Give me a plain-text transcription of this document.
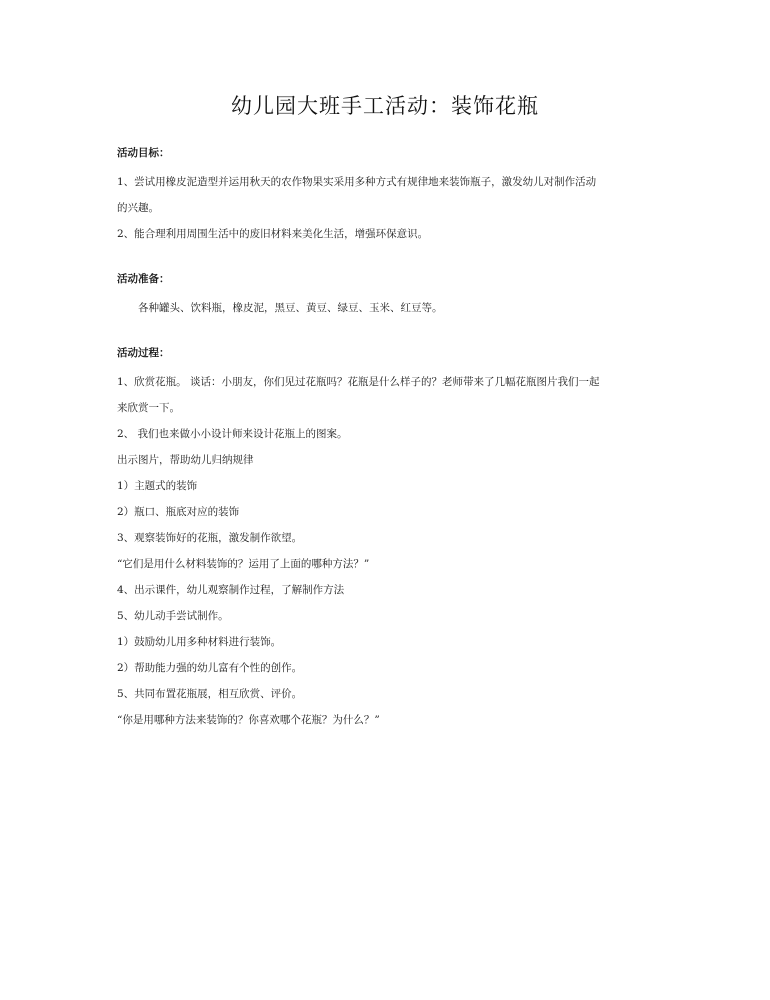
幼儿园大班手工活动：装饰花瓶
活动目标：

1、尝试用橡皮泥造型并运用秋天的农作物果实采用多种方式有规律地来装饰瓶子，激发幼儿对制作活动

的兴趣。

2、能合理利用周围生活中的废旧材料来美化生活，增强环保意识。

活动准备：

各种罐头、饮料瓶，橡皮泥，黑豆、黄豆、绿豆、玉米、红豆等。

活动过程：

1、欣赏花瓶。 谈话：小朋友，你们见过花瓶吗？花瓶是什么样子的？老师带来了几幅花瓶图片我们一起

来欣赏一下。

2、 我们也来做小小设计师来设计花瓶上的图案。

出示图片，帮助幼儿归纳规律

1）主题式的装饰

2）瓶口、瓶底对应的装饰

3、观察装饰好的花瓶，激发制作欲望。

“它们是用什么材料装饰的？运用了上面的哪种方法？”

4、出示课件，幼儿观察制作过程，了解制作方法

5、幼儿动手尝试制作。

1）鼓励幼儿用多种材料进行装饰。

2）帮助能力强的幼儿富有个性的创作。

5、共同布置花瓶展，相互欣赏、评价。

“你是用哪种方法来装饰的？你喜欢哪个花瓶？为什么？”
